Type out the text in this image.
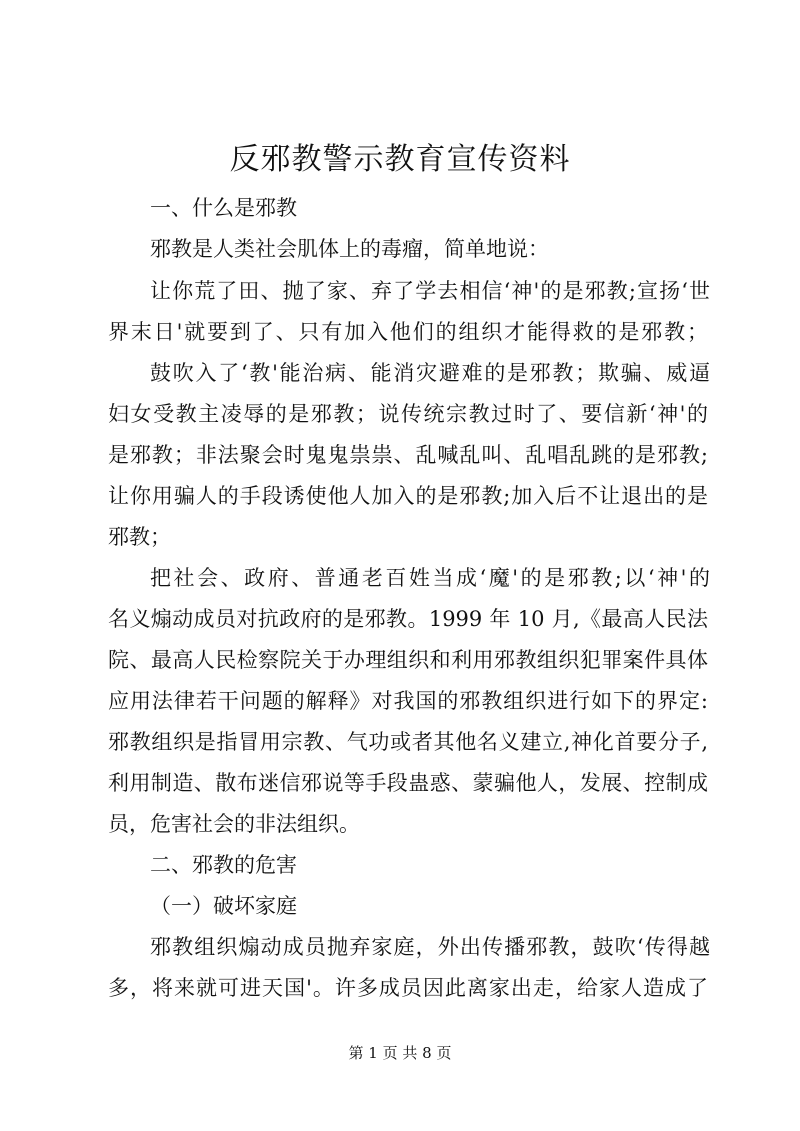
反邪教警示教育宣传资料
一、什么是邪教
邪教是人类社会肌体上的毒瘤，简单地说：
让你荒了田、抛了家、弃了学去相信‘神'的是邪教;宣扬‘世
界末日'就要到了、只有加入他们的组织才能得救的是邪教；
鼓吹入了‘教'能治病、能消灾避难的是邪教；欺骗、威逼
妇女受教主凌辱的是邪教；说传统宗教过时了、要信新‘神'的
是邪教；非法聚会时鬼鬼祟祟、乱喊乱叫、乱唱乱跳的是邪教;
让你用骗人的手段诱使他人加入的是邪教;加入后不让退出的是
邪教；
把社会、政府、普通老百姓当成‘魔'的是邪教;以‘神'的
名义煽动成员对抗政府的是邪教。1999 年 10 月,《最高人民法
院、最高人民检察院关于办理组织和利用邪教组织犯罪案件具体
应用法律若干问题的解释》对我国的邪教组织进行如下的界定:
邪教组织是指冒用宗教、气功或者其他名义建立,神化首要分子,
利用制造、散布迷信邪说等手段蛊惑、蒙骗他人，发展、控制成
员，危害社会的非法组织。
二、邪教的危害
（一）破坏家庭
邪教组织煽动成员抛弃家庭，外出传播邪教，鼓吹‘传得越
多，将来就可进天国'。许多成员因此离家出走，给家人造成了
第 1 页 共 8 页
